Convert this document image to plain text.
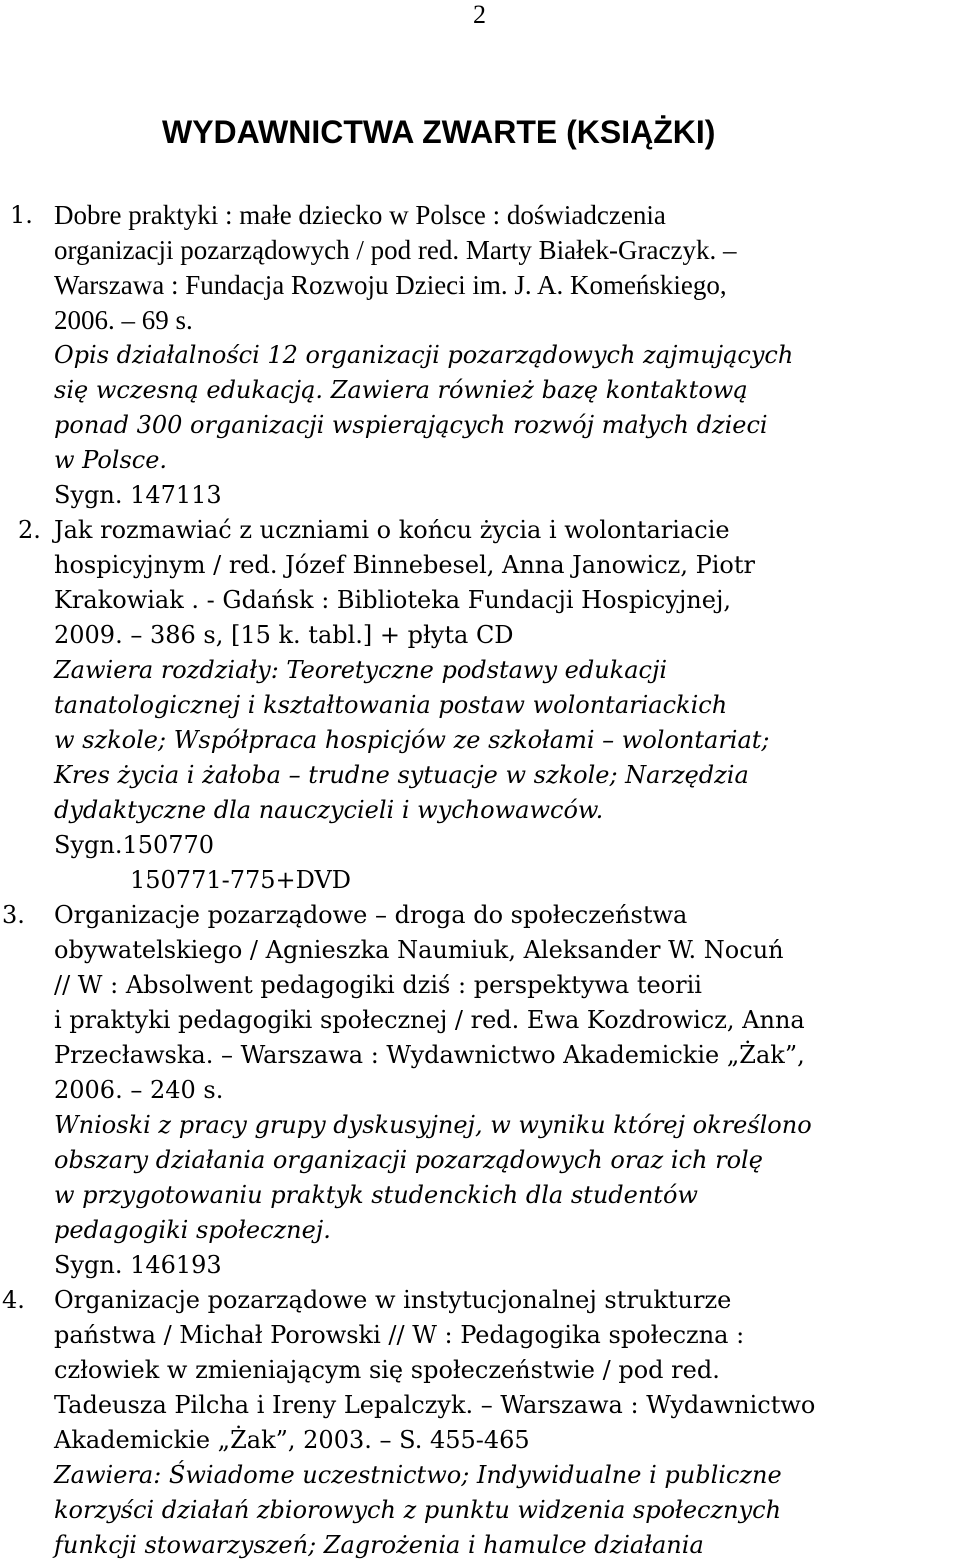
2
WYDAWNICTWA ZWARTE (KSIĄŻKI)
1. Dobre praktyki : małe dziecko w Polsce : doświadczenia
organizacji pozarządowych / pod red. Marty Białek-Graczyk. –
Warszawa : Fundacja Rozwoju Dzieci im. J. A. Komeńskiego,
2006. – 69 s.
Opis działalności 12 organizacji pozarządowych zajmujących
się wczesną edukacją. Zawiera również bazę kontaktową
ponad 300 organizacji wspierających rozwój małych dzieci
w Polsce.
Sygn. 147113
2. Jak rozmawiać z uczniami o końcu życia i wolontariacie
hospicyjnym / red. Józef Binnebesel, Anna Janowicz, Piotr
Krakowiak . - Gdańsk : Biblioteka Fundacji Hospicyjnej,
2009. – 386 s, [15 k. tabl.] + płyta CD
Zawiera rozdziały: Teoretyczne podstawy edukacji
tanatologicznej i kształtowania postaw wolontariackich
w szkole; Współpraca hospicjów ze szkołami – wolontariat;
Kres życia i żałoba – trudne sytuacje w szkole; Narzędzia
dydaktyczne dla nauczycieli i wychowawców.
Sygn.150770
150771-775+DVD
3.	Organizacje pozarządowe – droga do społeczeństwa
obywatelskiego / Agnieszka Naumiuk, Aleksander W. Nocuń
// W : Absolwent pedagogiki dziś : perspektywa teorii
i praktyki pedagogiki społecznej / red. Ewa Kozdrowicz, Anna
Przecławska. – Warszawa : Wydawnictwo Akademickie „Żak”,
2006. – 240 s.
Wnioski z pracy grupy dyskusyjnej, w wyniku której określono
obszary działania organizacji pozarządowych oraz ich rolę
w przygotowaniu praktyk studenckich dla studentów
pedagogiki społecznej.
Sygn. 146193
4.	Organizacje pozarządowe w instytucjonalnej strukturze
państwa / Michał Porowski // W : Pedagogika społeczna :
człowiek w zmieniającym się społeczeństwie / pod red.
Tadeusza Pilcha i Ireny Lepalczyk. – Warszawa : Wydawnictwo
Akademickie „Żak”, 2003. – S. 455-465
Zawiera: Świadome uczestnictwo; Indywidualne i publiczne
korzyści działań zbiorowych z punktu widzenia społecznych
funkcji stowarzyszeń; Zagrożenia i hamulce działania
